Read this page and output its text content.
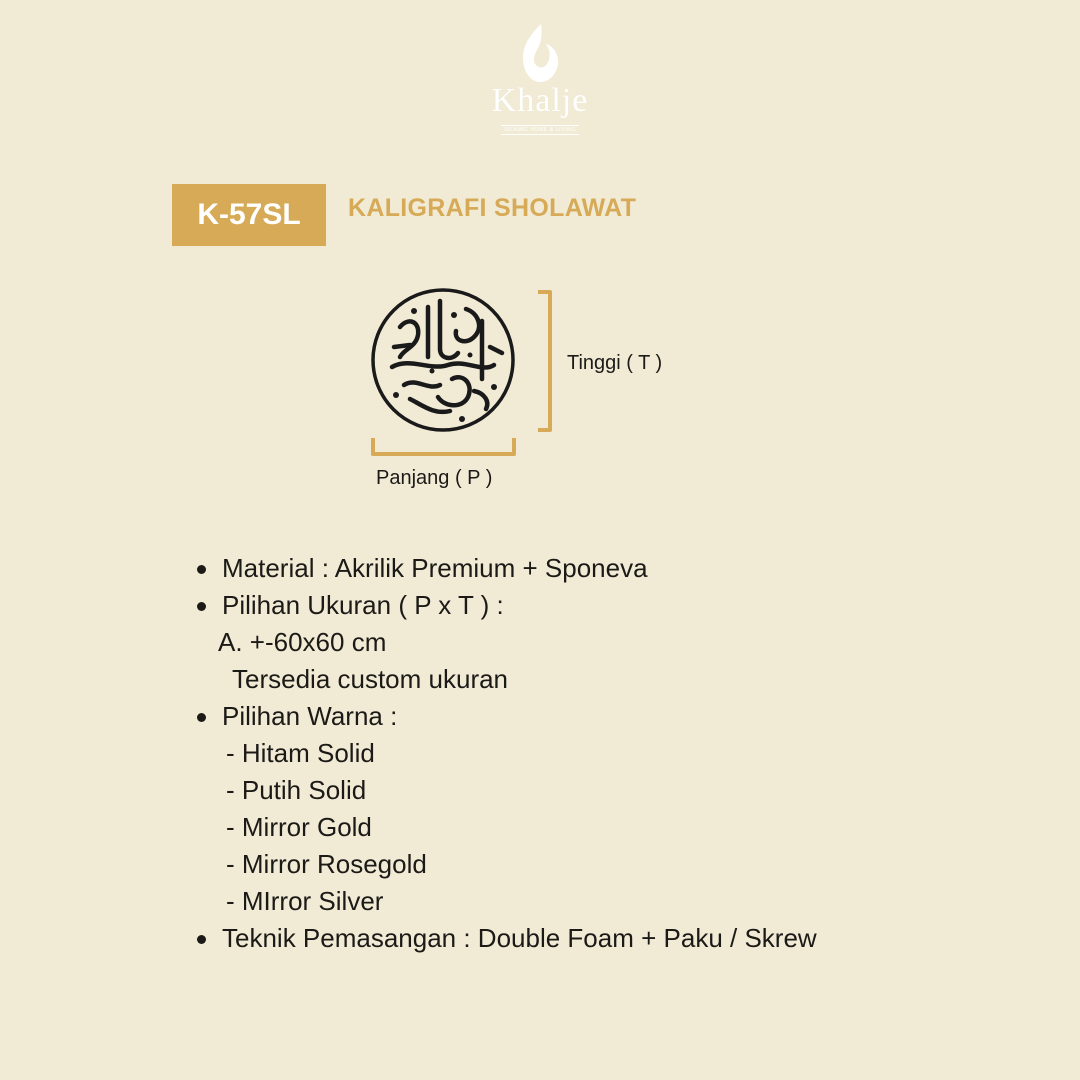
Khalje
ISLAMIC HOME & LIVING
K-57SL	KALIGRAFI SHOLAWAT
Tinggi ( T )
Panjang ( P )
Material : Akrilik Premium + Sponeva
Pilihan Ukuran ( P x T ) :
A. +-60x60 cm
Tersedia custom ukuran
Pilihan Warna :
- Hitam Solid
- Putih Solid
- Mirror Gold
- Mirror Rosegold
- MIrror Silver
Teknik Pemasangan : Double Foam + Paku / Skrew
